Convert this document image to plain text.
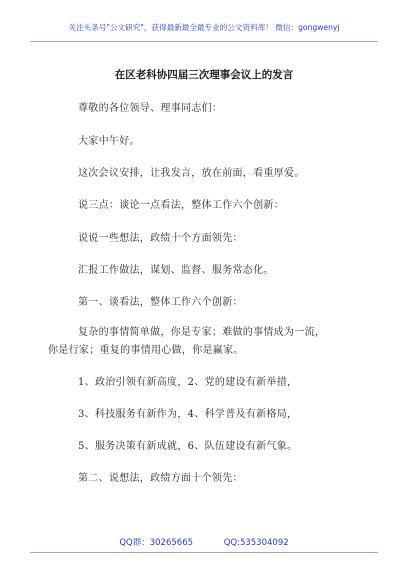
关注头条号"公文研究"，获得最新最全最专业的公文资料库！ 微信：gongwenyj
在区老科协四届三次理事会议上的发言
尊敬的各位领导、理事同志们：
大家中午好。
这次会议安排，让我发言，放在前面，看重厚爱。
说三点：谈论一点看法，整体工作六个创新：
说说一些想法，政绩十个方面领先：
汇报工作做法，谋划、监督、服务常态化。
第一、谈看法，整体工作六个创新：
复杂的事情简单做，你是专家；难做的事情成为一流，
你是行家；重复的事情用心做，你是赢家。
1、政治引领有新高度，2、党的建设有新举措，
3、科技服务有新作为，4、科学普及有新格局，
5、服务决策有新成就，6、队伍建设有新气象。
第二、说想法，政绩方面十个领先：
QQ群：30265665	QQ:535304092
